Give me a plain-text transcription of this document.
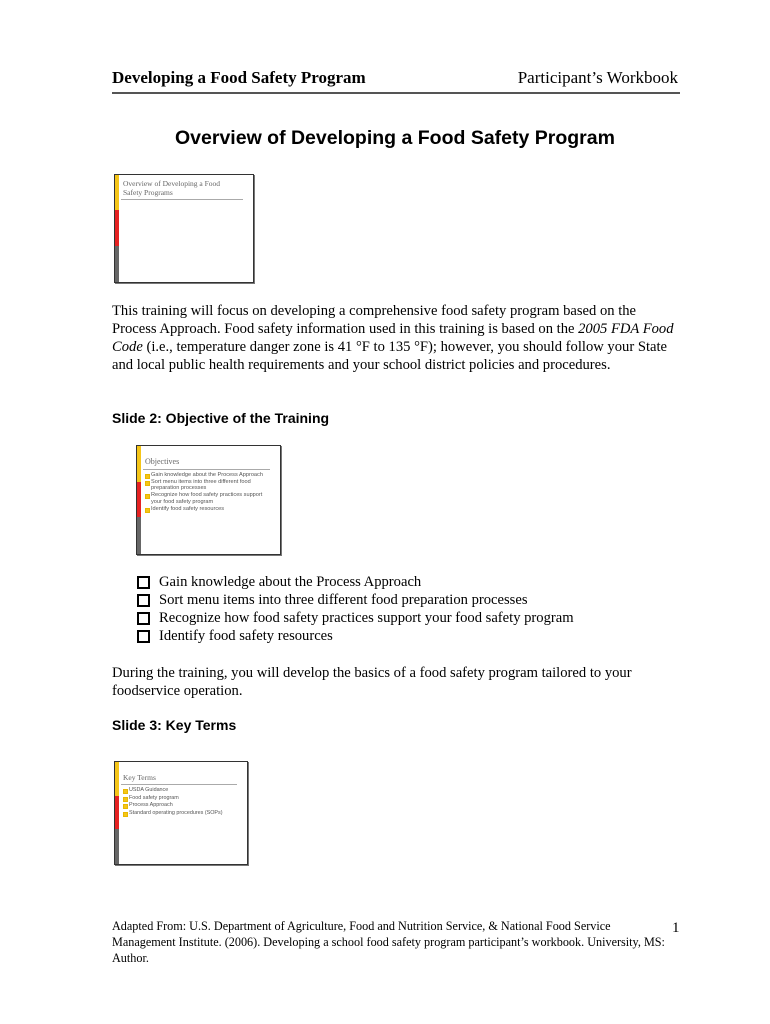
Developing a Food Safety Program	Participant’s Workbook
Overview of Developing a Food Safety Program
Overview of Developing a Food
Safety Programs

This training will focus on developing a comprehensive food safety program based on the Process Approach. Food safety information used in this training is based on the 2005 FDA Food Code (i.e., temperature danger zone is 41 °F to 135 °F); however, you should follow your State and local public health requirements and your school district policies and procedures.

Slide 2: Objective of the Training
Objectives
Gain knowledge about the Process Approach
Sort menu items into three different food preparation processes
Recognize how food safety practices support your food safety program
Identify food safety resources
Gain knowledge about the Process Approach
Sort menu items into three different food preparation processes
Recognize how food safety practices support your food safety program
Identify food safety resources

During the training, you will develop the basics of a food safety program tailored to your foodservice operation.

Slide 3: Key Terms
Key Terms
USDA Guidance
Food safety program
Process Approach
Standard operating procedures (SOPs)
Adapted From: U.S. Department of Agriculture, Food and Nutrition Service, & National Food Service Management Institute. (2006). Developing a school food safety program participant’s workbook. University, MS: Author.
1
